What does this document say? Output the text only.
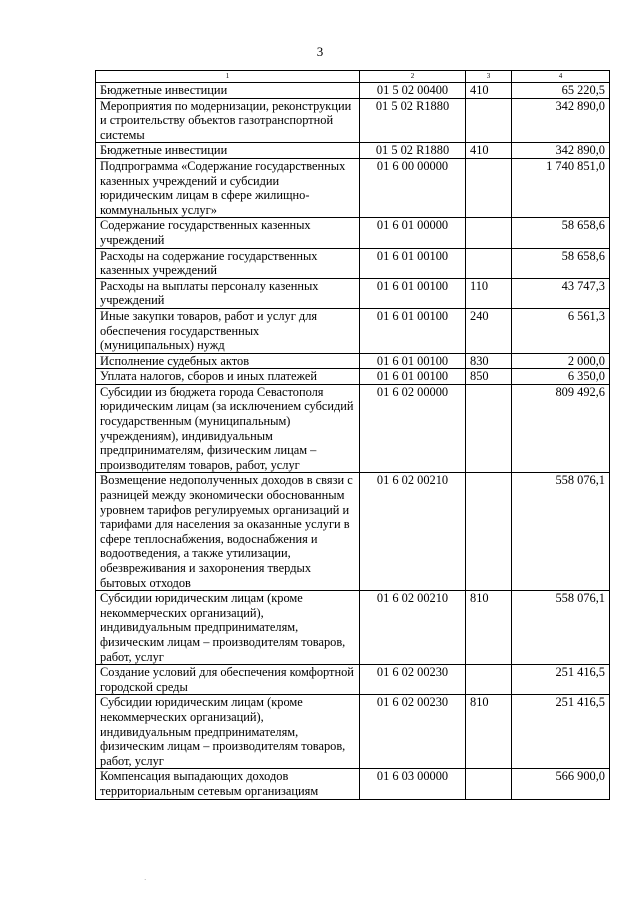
3
1	2	3	4
Бюджетные инвестиции	01 5 02 00400	410	65 220,5
Мероприятия по модернизации, реконструкции и строительству объектов газотранспортной системы	01 5 02 R1880		342 890,0
Бюджетные инвестиции	01 5 02 R1880	410	342 890,0
Подпрограмма «Содержание государственных казенных учреждений и субсидии юридическим лицам в сфере жилищно-коммунальных услуг»	01 6 00 00000		1 740 851,0
Содержание государственных казенных учреждений	01 6 01 00000		58 658,6
Расходы на содержание государственных казенных учреждений	01 6 01 00100		58 658,6
Расходы на выплаты персоналу казенных учреждений	01 6 01 00100	110	43 747,3
Иные закупки товаров, работ и услуг для обеспечения государственных (муниципальных) нужд	01 6 01 00100	240	6 561,3
Исполнение судебных актов	01 6 01 00100	830	2 000,0
Уплата налогов, сборов и иных платежей	01 6 01 00100	850	6 350,0
Субсидии из бюджета города Севастополя юридическим лицам (за исключением субсидий государственным (муниципальным) учреждениям), индивидуальным предпринимателям, физическим лицам – производителям товаров, работ, услуг	01 6 02 00000		809 492,6
Возмещение недополученных доходов в связи с разницей между экономически обоснованным уровнем тарифов регулируемых организаций и тарифами для населения за оказанные услуги в сфере теплоснабжения, водоснабжения и водоотведения, а также утилизации, обезвреживания и захоронения твердых бытовых отходов	01 6 02 00210		558 076,1
Субсидии юридическим лицам (кроме некоммерческих организаций), индивидуальным предпринимателям, физическим лицам – производителям товаров, работ, услуг	01 6 02 00210	810	558 076,1
Создание условий для обеспечения комфортной городской среды	01 6 02 00230		251 416,5
Субсидии юридическим лицам (кроме некоммерческих организаций), индивидуальным предпринимателям, физическим лицам – производителям товаров, работ, услуг	01 6 02 00230	810	251 416,5
Компенсация выпадающих доходов территориальным сетевым организациям	01 6 03 00000		566 900,0
·
